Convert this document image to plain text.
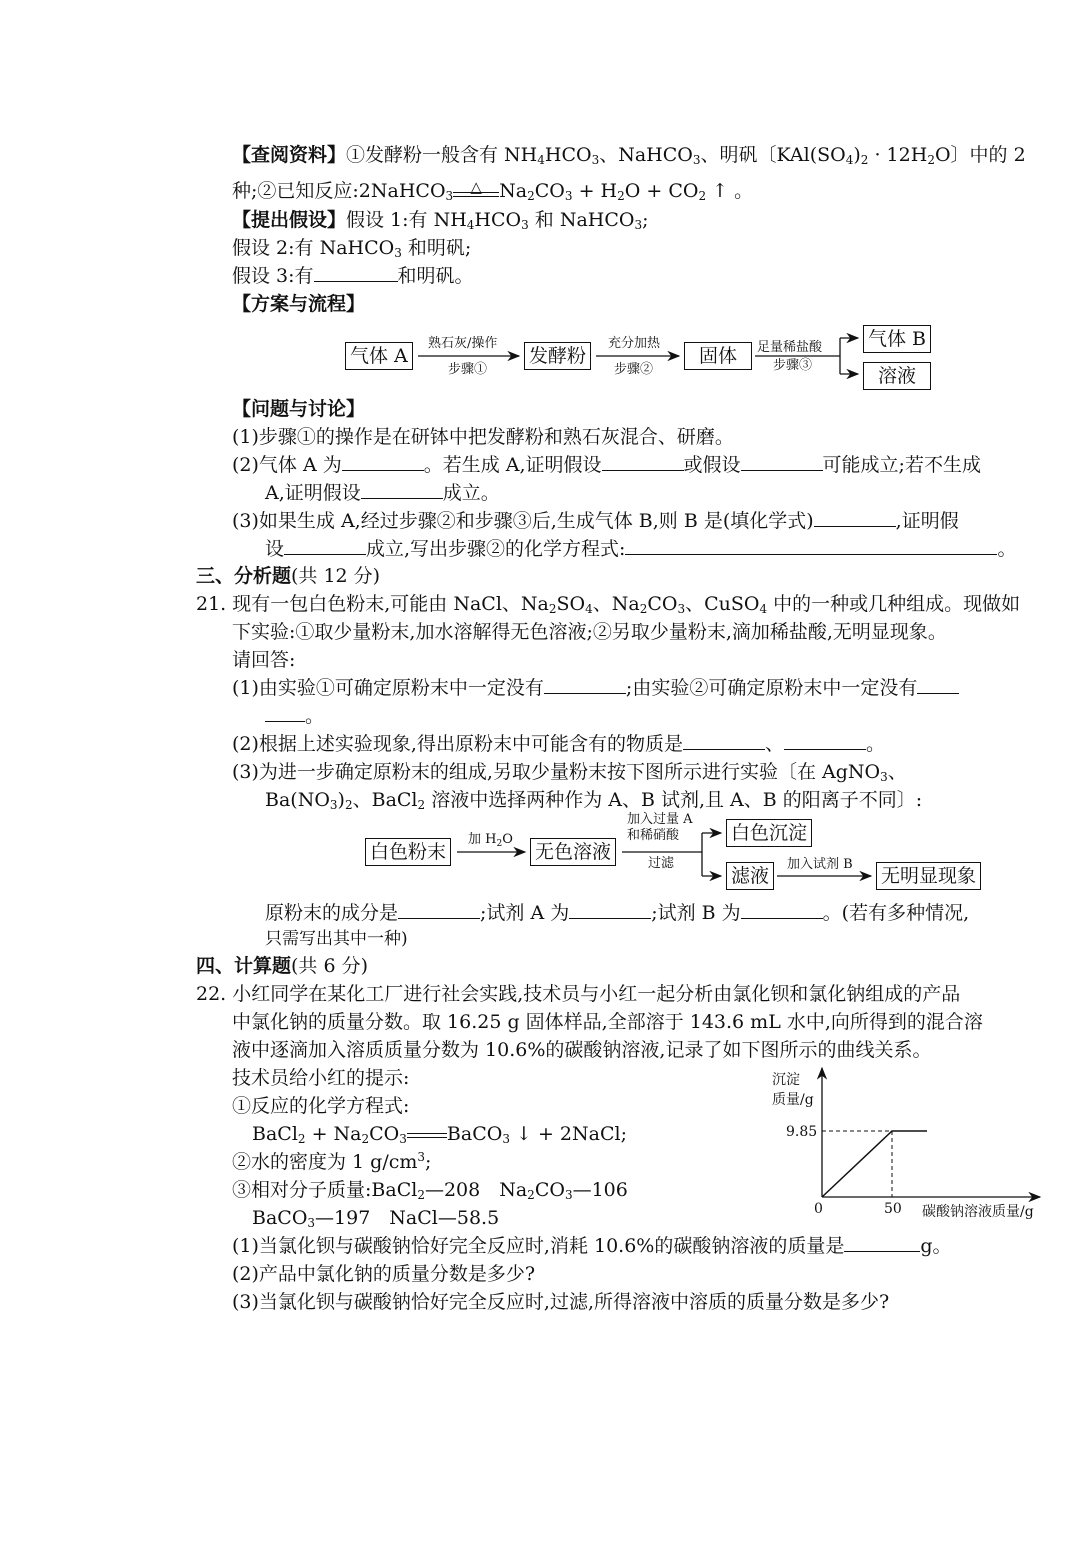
【查阅资料】①发酵粉一般含有 $NH_4HCO_3$、NaHCO$_3$、明矾〔$KAl(SO_4)_2 \cdot 12H_2O$〕中的 2
种;②已知反应:2NaHCO$_3$	△ $Na_2CO_3 + H_2O + CO_2$ ↑ 。
【提出假设】假设 1:有 $NH_4HCO_3$ 和 NaHCO$_3$;
假设 2:有 NaHCO$_3$ 和明矾;
假设 3:有	和明矾。
【方案与流程】
气体 A	发酵粉	固体
气体 B
溶液
熟石灰/操作
步骤①
充分加热
步骤②
足量稀盐酸
步骤③
【问题与讨论】
(1)步骤①的操作是在研钵中把发酵粉和熟石灰混合、研磨。
(2)气体 A 为	。若生成 A,证明假设	或假设	可能成立;若不生成
A,证明假设	成立。
(3)如果生成 A,经过步骤②和步骤③后,生成气体 B,则 B 是(填化学式)	,证明假
设	成立,写出步骤②的化学方程式:	。
三、分析题(共 12 分)
21. 现有一包白色粉末,可能由 NaCl、$Na_2SO_4$、$Na_2CO_3$、CuSO$_4$ 中的一种或几种组成。现做如
下实验:①取少量粉末,加水溶解得无色溶液;②另取少量粉末,滴加稀盐酸,无明显现象。
请回答:
(1)由实验①可确定原粉末中一定没有	;由实验②可确定原粉末中一定没有
。
(2)根据上述实验现象,得出原粉末中可能含有的物质是	、	。
(3)为进一步确定原粉末的组成,另取少量粉末按下图所示进行实验〔在 AgNO$_3$、
$Ba(NO_3)_2$、BaCl$_2$ 溶液中选择两种作为 A、B 试剂,且 A、B 的阳离子不同〕:
白色粉末	无色溶液
白色沉淀
滤液	无明显现象
加 $H_2O$
加入过量 A
和稀硝酸
过滤	加入试剂 B
原粉末的成分是	;试剂 A 为	;试剂 B 为	。(若有多种情况,
只需写出其中一种)
四、计算题(共 6 分)
22. 小红同学在某化工厂进行社会实践,技术员与小红一起分析由氯化钡和氯化钠组成的产品
中氯化钠的质量分数。取 16.25 g 固体样品,全部溶于 143.6 mL 水中,向所得到的混合溶
液中逐滴加入溶质质量分数为 10.6%的碳酸钠溶液,记录了如下图所示的曲线关系。
技术员给小红的提示:
①反应的化学方程式:
BaCl$_2$ + $Na_2CO_3$ BaCO$_3$ ↓ + 2NaCl;
②水的密度为 1 $g/cm^3$;
③相对分子质量:BaCl$_2$—208　$Na_2CO_3—106$
BaCO$_3$—197　NaCl—58.5
沉淀
质量/g
9.85
0	50 碳酸钠溶液质量/g
(1)当氯化钡与碳酸钠恰好完全反应时,消耗 10.6%的碳酸钠溶液的质量是	g。
(2)产品中氯化钠的质量分数是多少?
(3)当氯化钡与碳酸钠恰好完全反应时,过滤,所得溶液中溶质的质量分数是多少?
